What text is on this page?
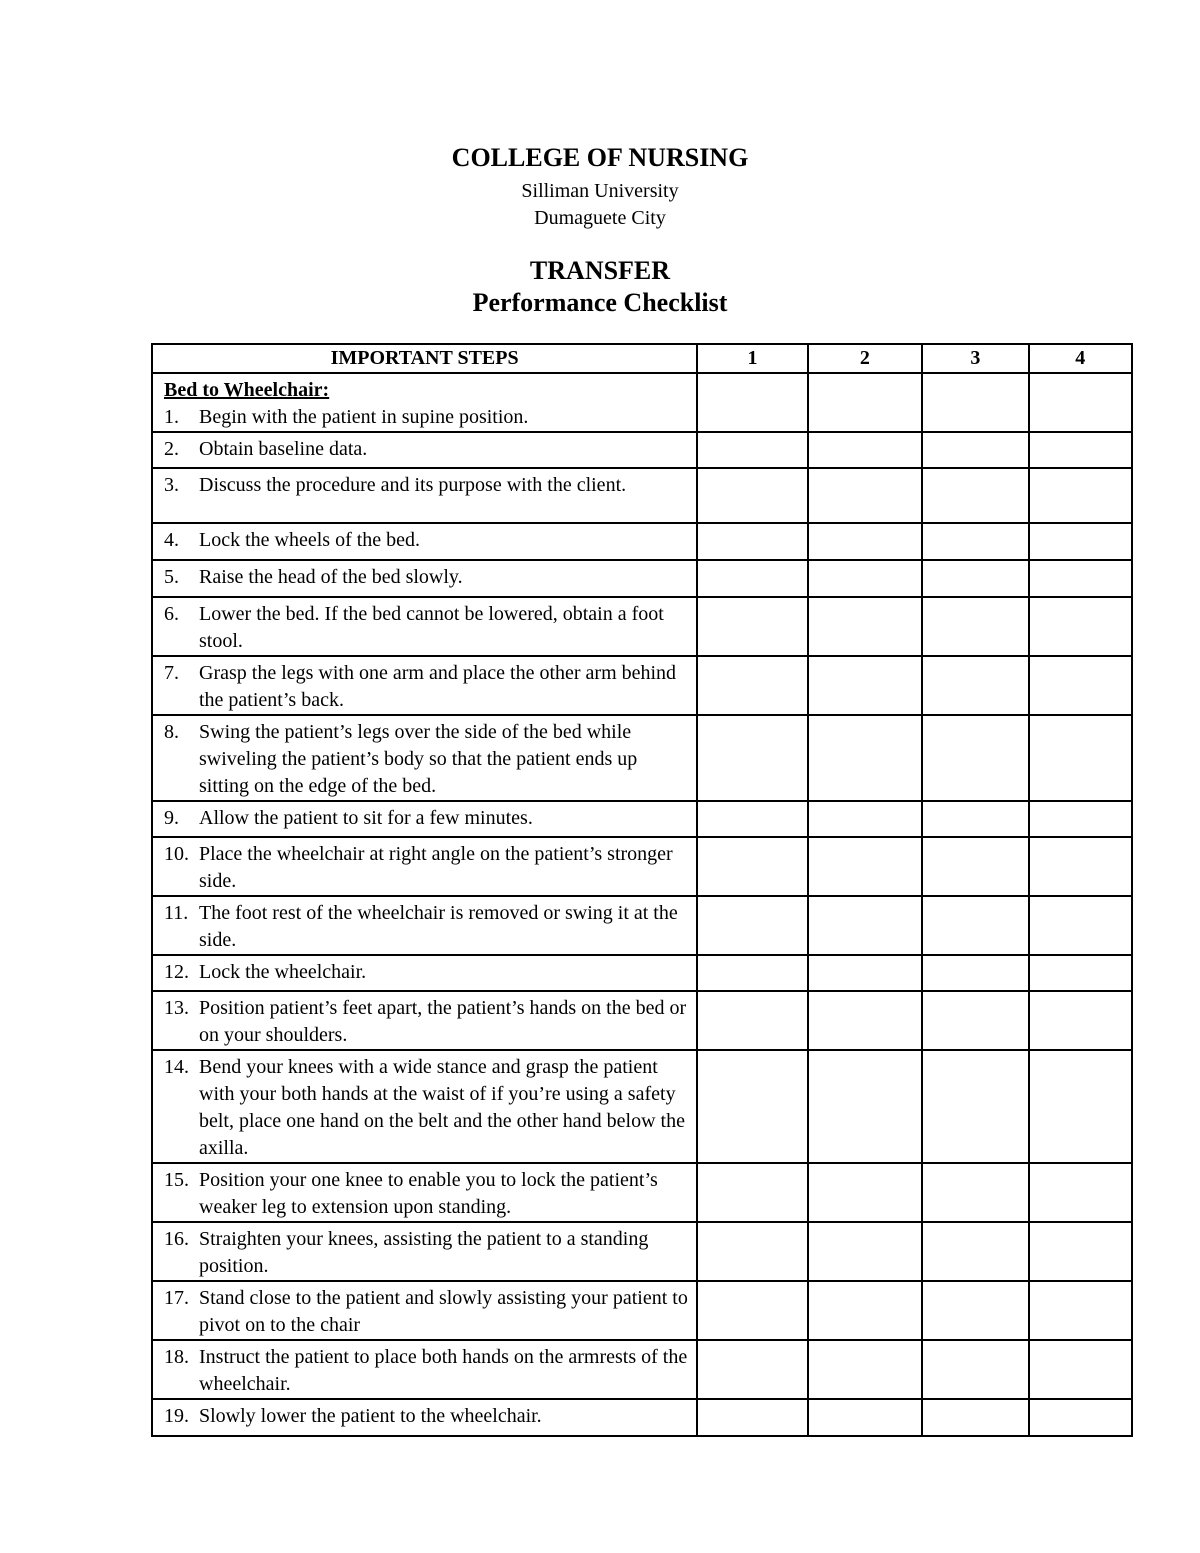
COLLEGE OF NURSING
Silliman University
Dumaguete City
TRANSFER
Performance Checklist
IMPORTANT STEPS	1	2	3	4

Bed to Wheelchair:
1. Begin with the patient in supine position.				

2. Obtain baseline data.				

3. Discuss the procedure and its purpose with the client.				

4. Lock the wheels of the bed.				

5. Raise the head of the bed slowly.				

6. Lower the bed. If the bed cannot be lowered, obtain a foot stool.				

7. Grasp the legs with one arm and place the other arm behind the patient’s back.				

8. Swing the patient’s legs over the side of the bed while swiveling the patient’s body so that the patient ends up sitting on the edge of the bed.				

9. Allow the patient to sit for a few minutes.				

10. Place the wheelchair at right angle on the patient’s stronger side.				

11. The foot rest of the wheelchair is removed or swing it at the side.				

12. Lock the wheelchair.				

13. Position patient’s feet apart, the patient’s hands on the bed or on your shoulders.				

14. Bend your knees with a wide stance and grasp the patient with your both hands at the waist of if you’re using a safety belt, place one hand on the belt and the other hand below the axilla.				

15. Position your one knee to enable you to lock the patient’s weaker leg to extension upon standing.				

16. Straighten your knees, assisting the patient to a standing position.				

17. Stand close to the patient and slowly assisting your patient to pivot on to the chair				

18. Instruct the patient to place both hands on the armrests of the wheelchair.				

19. Slowly lower the patient to the wheelchair.				
